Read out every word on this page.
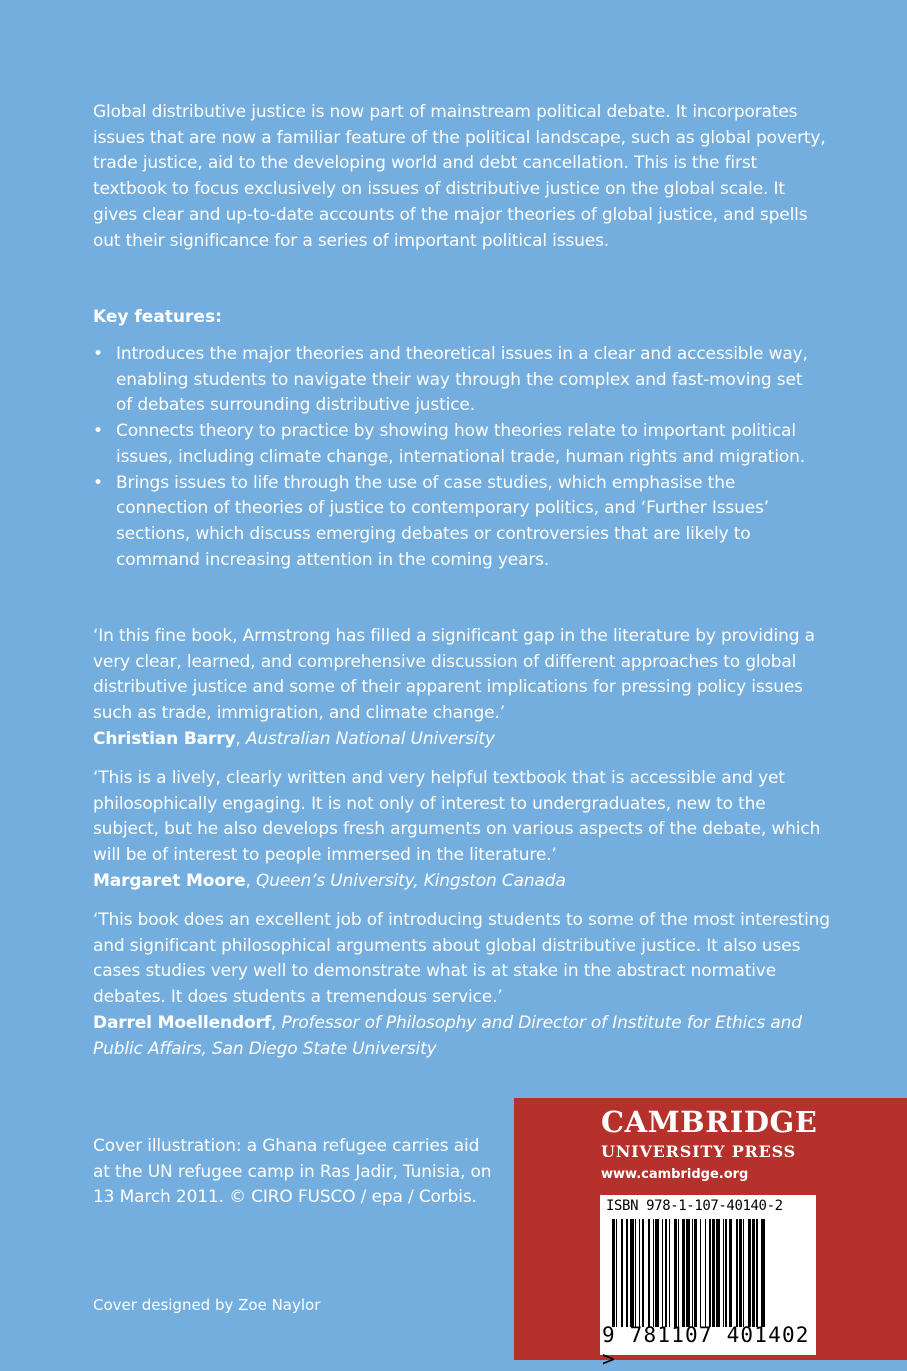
Global distributive justice is now part of mainstream political debate. It incorporates issues that are now a familiar feature of the political landscape, such as global poverty, trade justice, aid to the developing world and debt cancellation. This is the first textbook to focus exclusively on issues of distributive justice on the global scale. It gives clear and up-to-date accounts of the major theories of global justice, and spells out their significance for a series of important political issues.

Key features:
• Introduces the major theories and theoretical issues in a clear and accessible way, enabling students to navigate their way through the complex and fast-moving set of debates surrounding distributive justice.
• Connects theory to practice by showing how theories relate to important political issues, including climate change, international trade, human rights and migration.
• Brings issues to life through the use of case studies, which emphasise the connection of theories of justice to contemporary politics, and ‘Further Issues’ sections, which discuss emerging debates or controversies that are likely to command increasing attention in the coming years.
‘In this fine book, Armstrong has filled a significant gap in the literature by providing a very clear, learned, and comprehensive discussion of different approaches to global distributive justice and some of their apparent implications for pressing policy issues such as trade, immigration, and climate change.’
Christian Barry, Australian National University
‘This is a lively, clearly written and very helpful textbook that is accessible and yet philosophically engaging. It is not only of interest to undergraduates, new to the subject, but he also develops fresh arguments on various aspects of the debate, which will be of interest to people immersed in the literature.’
Margaret Moore, Queen’s University, Kingston Canada
‘This book does an excellent job of introducing students to some of the most interesting and significant philosophical arguments about global distributive justice. It also uses cases studies very well to demonstrate what is at stake in the abstract normative debates. It does students a tremendous service.’
Darrel Moellendorf, Professor of Philosophy and Director of Institute for Ethics and Public Affairs, San Diego State University
Cover illustration: a Ghana refugee carries aid at the UN refugee camp in Ras Jadir, Tunisia, on 13 March 2011. © CIRO FUSCO / epa / Corbis.
Cover designed by Zoe Naylor
CAMBRIDGE
UNIVERSITY PRESS
www.cambridge.org
ISBN 978-1-107-40140-2
9 781107 401402 >
